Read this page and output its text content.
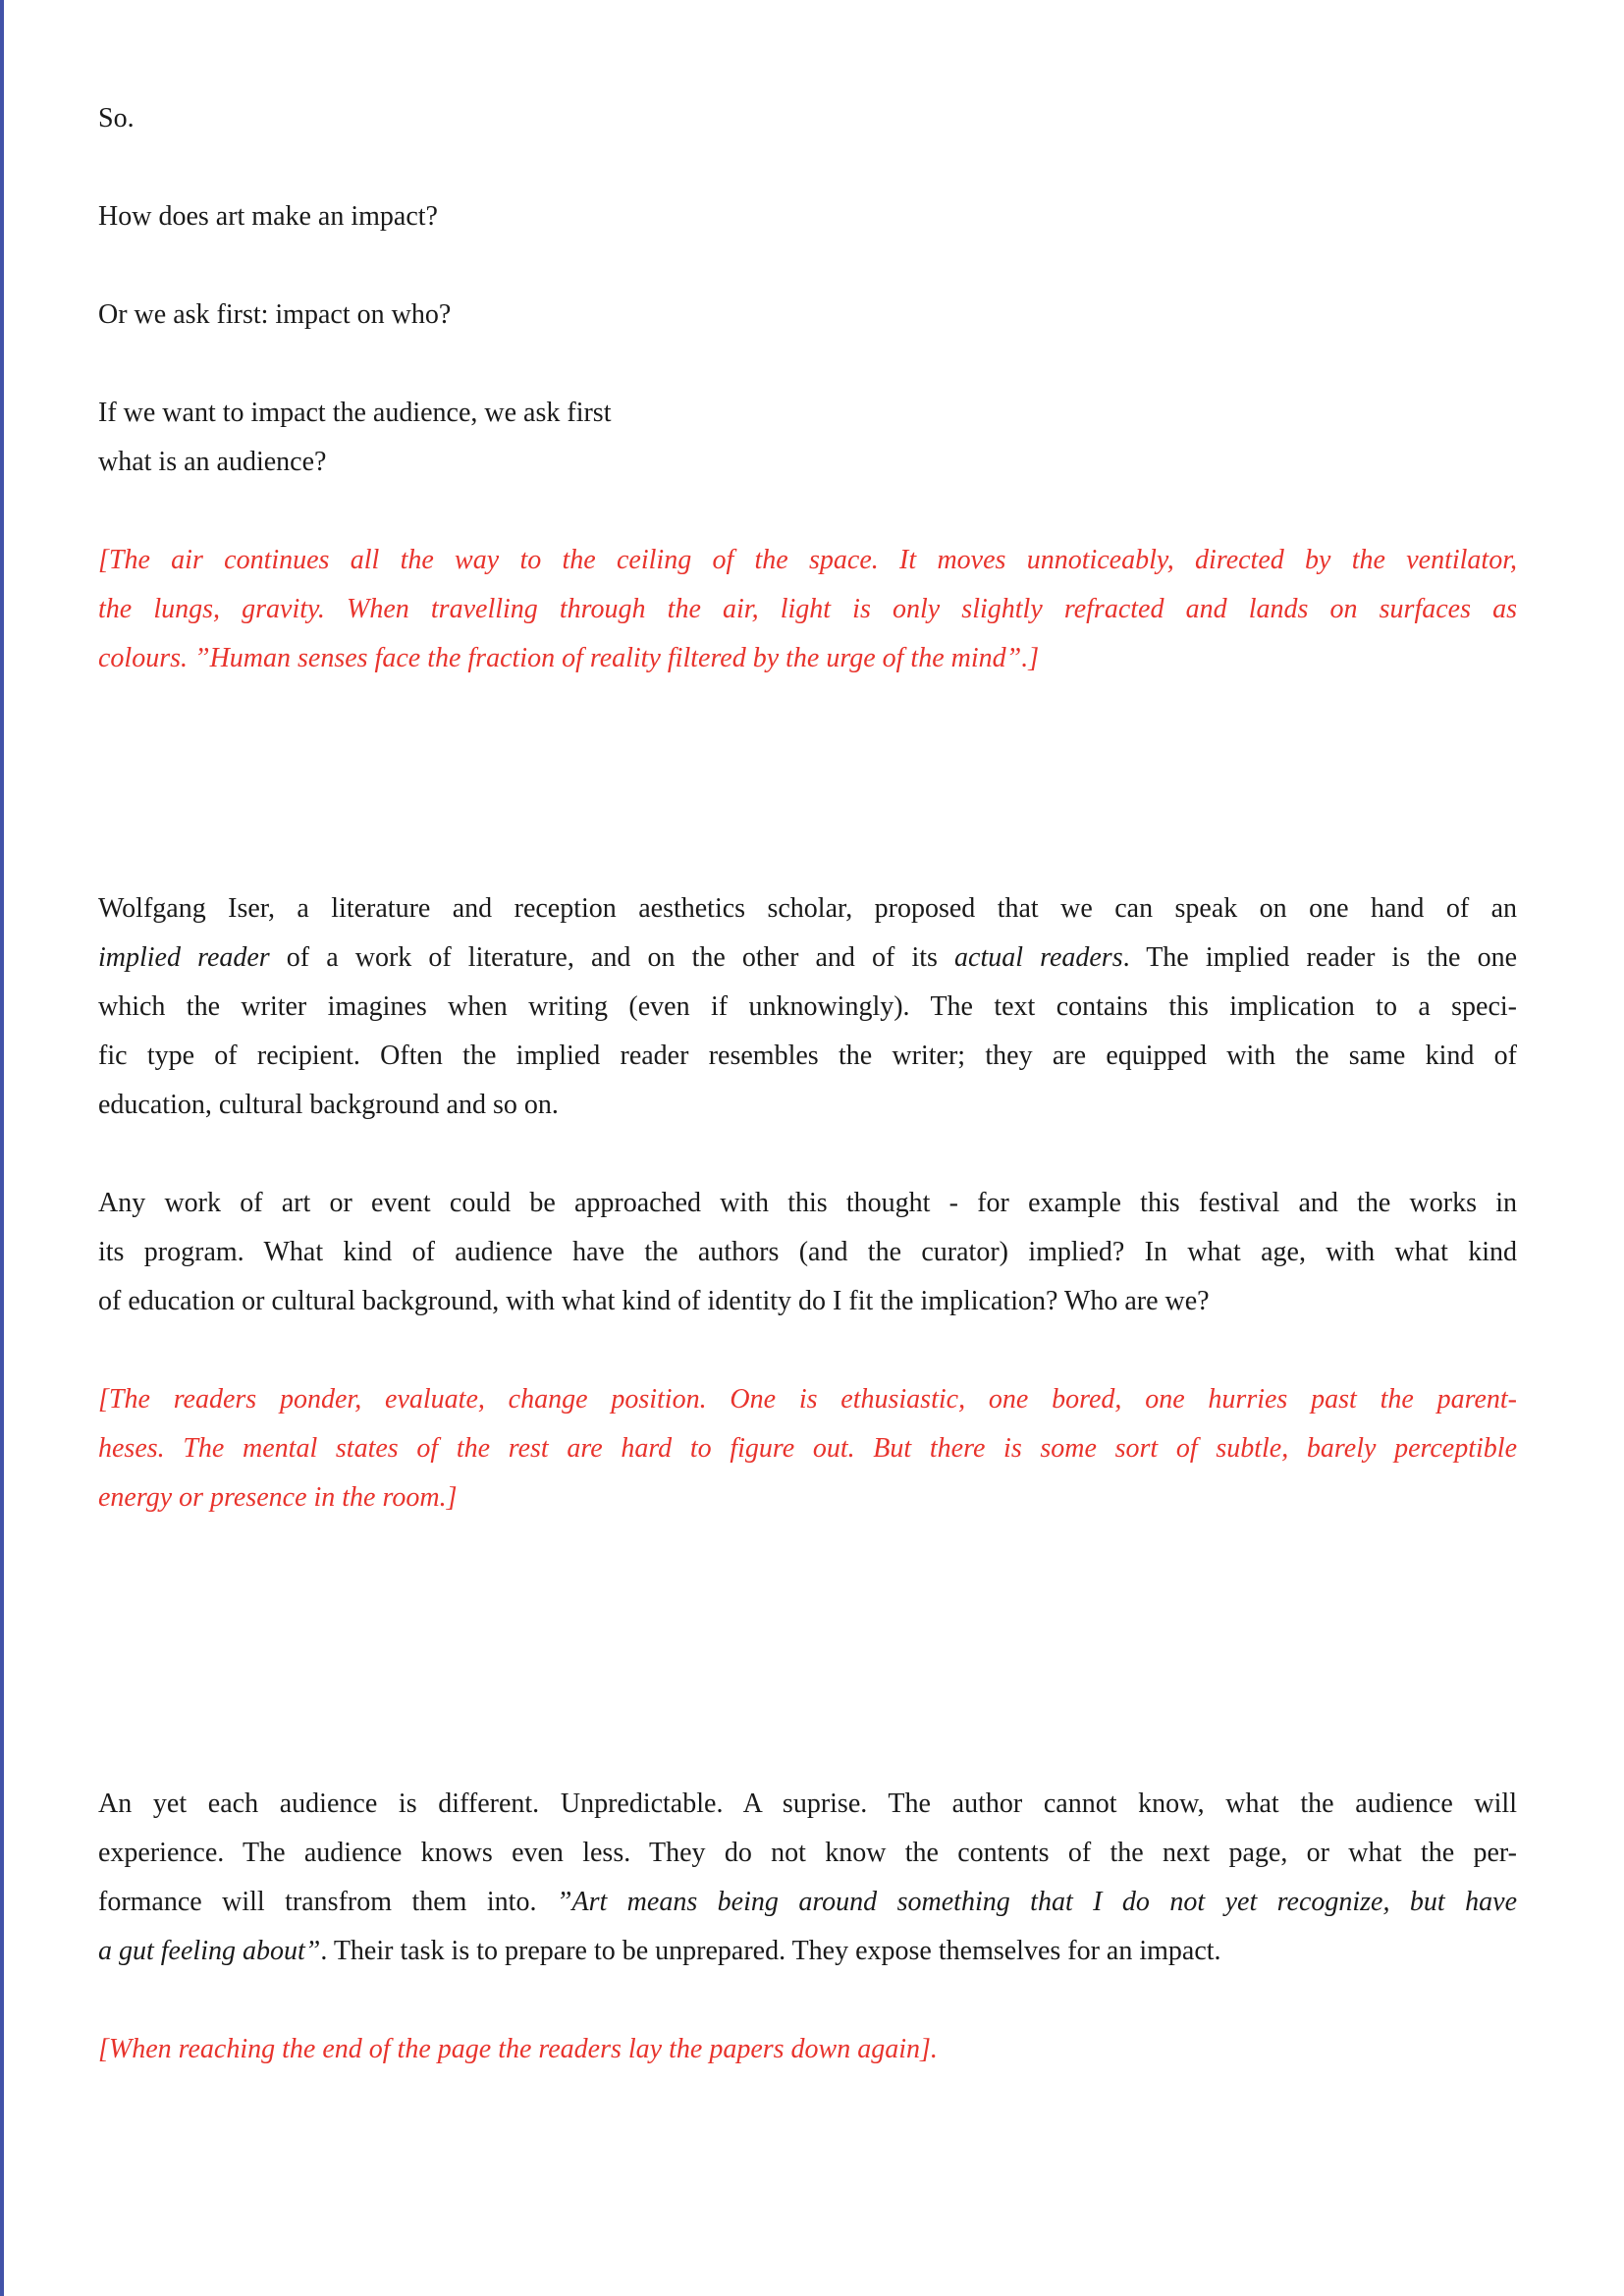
So.
How does art make an impact?
Or we ask first: impact on who?
If we want to impact the audience, we ask first
what is an audience?
[The air continues all the way to the ceiling of the space. It moves unnoticeably, directed by the ventilator,
the lungs, gravity. When travelling through the air, light is only slightly refracted and lands on surfaces as
colours. ”Human senses face the fraction of reality filtered by the urge of the mind”.]
Wolfgang Iser, a literature and reception aesthetics scholar, proposed that we can speak on one hand of an
implied reader of a work of literature, and on the other and of its actual readers. The implied reader is the one
which the writer imagines when writing (even if unknowingly). The text contains this implication to a speci-
fic type of recipient. Often the implied reader resembles the writer; they are equipped with the same kind of
education, cultural background and so on.
Any work of art or event could be approached with this thought - for example this festival and the works in
its program. What kind of audience have the authors (and the curator) implied? In what age, with what kind
of education or cultural background, with what kind of identity do I fit the implication? Who are we?
[The readers ponder, evaluate, change position. One is ethusiastic, one bored, one hurries past the parent-
heses. The mental states of the rest are hard to figure out. But there is some sort of subtle, barely perceptible
energy or presence in the room.]
An yet each audience is different. Unpredictable. A suprise. The author cannot know, what the audience will
experience. The audience knows even less. They do not know the contents of the next page, or what the per-
formance will transfrom them into. ”Art means being around something that I do not yet recognize, but have
a gut feeling about”. Their task is to prepare to be unprepared. They expose themselves for an impact.
[When reaching the end of the page the readers lay the papers down again].
